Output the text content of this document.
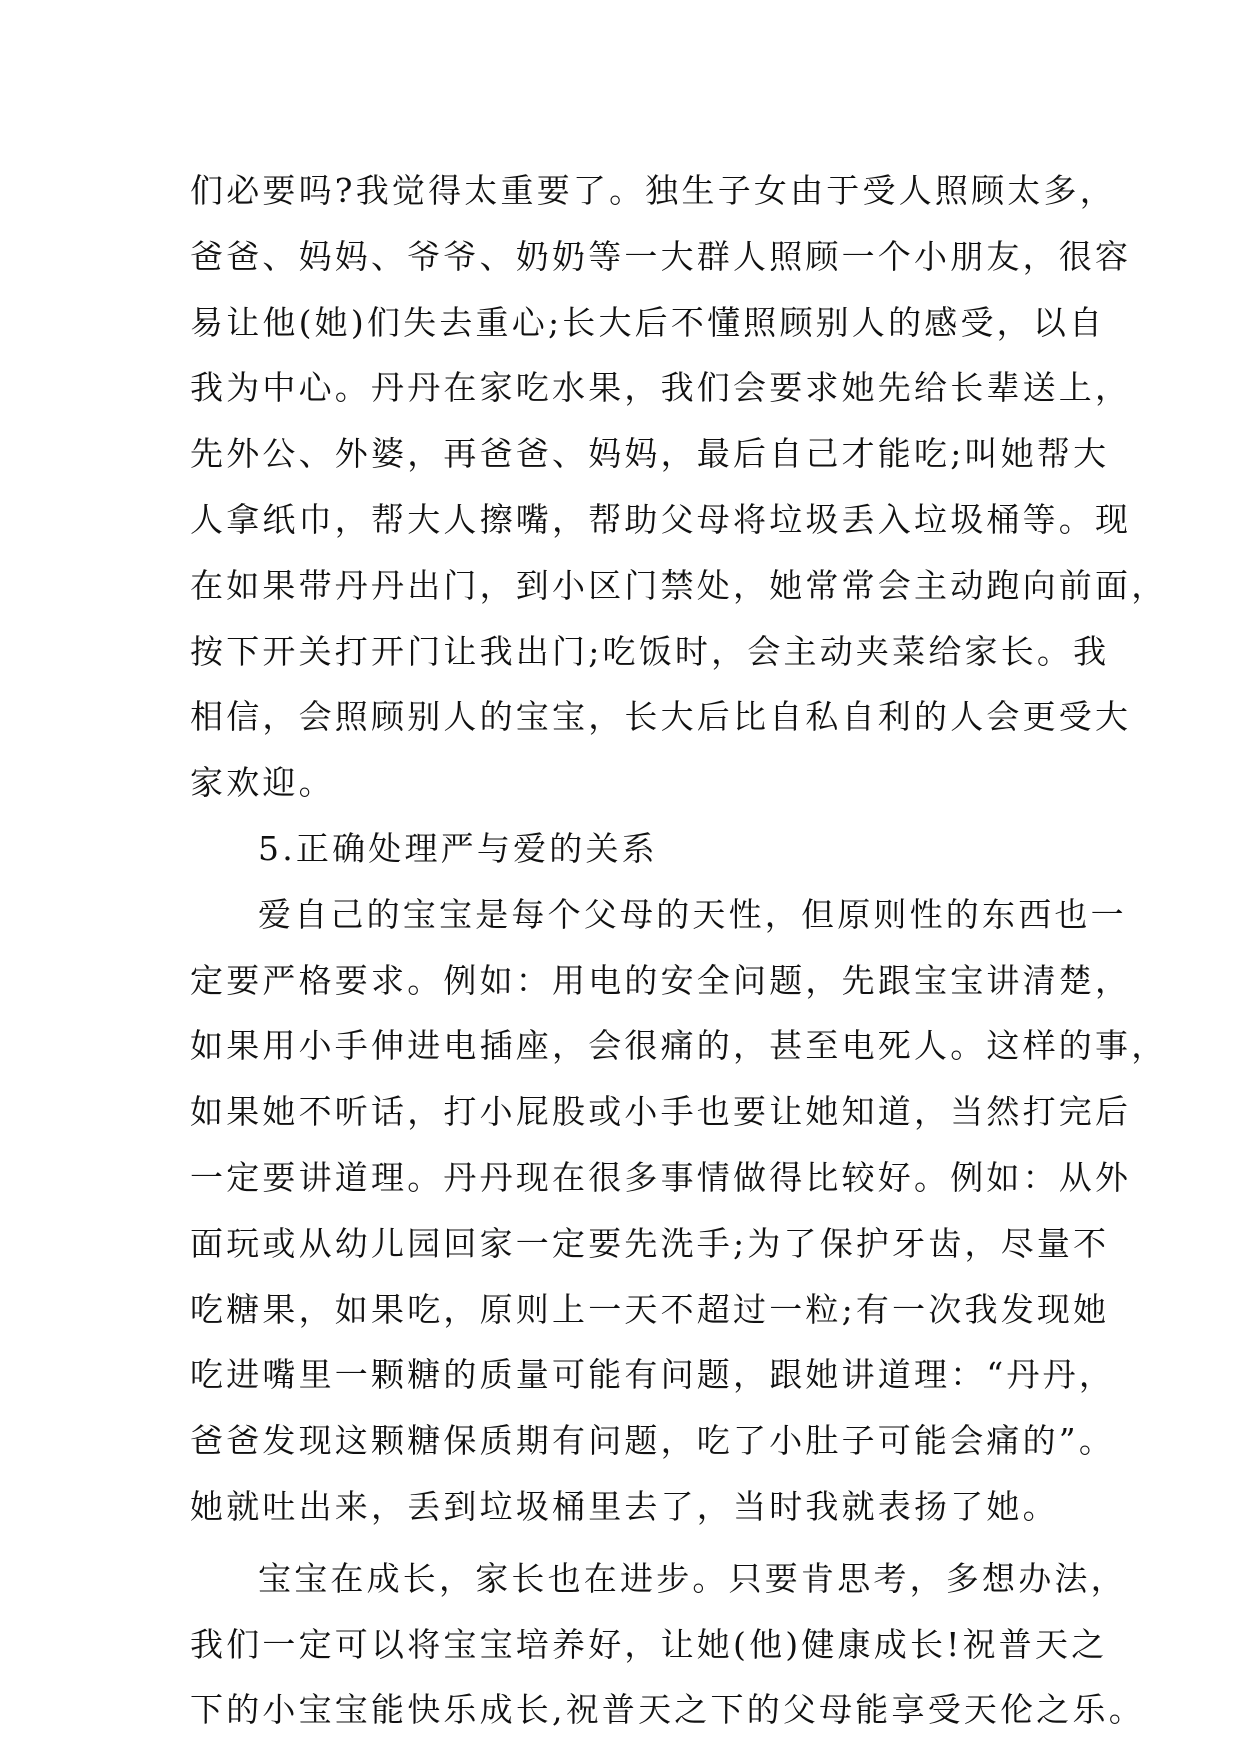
们必要吗?我觉得太重要了。独生子女由于受人照顾太多，
爸爸、妈妈、爷爷、奶奶等一大群人照顾一个小朋友，很容
易让他(她)们失去重心;长大后不懂照顾别人的感受，以自
我为中心。丹丹在家吃水果，我们会要求她先给长辈送上，
先外公、外婆，再爸爸、妈妈，最后自己才能吃;叫她帮大
人拿纸巾，帮大人擦嘴，帮助父母将垃圾丢入垃圾桶等。现
在如果带丹丹出门，到小区门禁处，她常常会主动跑向前面，
按下开关打开门让我出门;吃饭时，会主动夹菜给家长。我
相信，会照顾别人的宝宝，长大后比自私自利的人会更受大
家欢迎。
5.正确处理严与爱的关系
爱自己的宝宝是每个父母的天性，但原则性的东西也一
定要严格要求。例如：用电的安全问题，先跟宝宝讲清楚，
如果用小手伸进电插座，会很痛的，甚至电死人。这样的事，
如果她不听话，打小屁股或小手也要让她知道，当然打完后
一定要讲道理。丹丹现在很多事情做得比较好。例如：从外
面玩或从幼儿园回家一定要先洗手;为了保护牙齿，尽量不
吃糖果，如果吃，原则上一天不超过一粒;有一次我发现她
吃进嘴里一颗糖的质量可能有问题，跟她讲道理：“丹丹，
爸爸发现这颗糖保质期有问题，吃了小肚子可能会痛的”。
她就吐出来，丢到垃圾桶里去了，当时我就表扬了她。
宝宝在成长，家长也在进步。只要肯思考，多想办法，
我们一定可以将宝宝培养好，让她(他)健康成长!祝普天之
下的小宝宝能快乐成长,祝普天之下的父母能享受天伦之乐。
